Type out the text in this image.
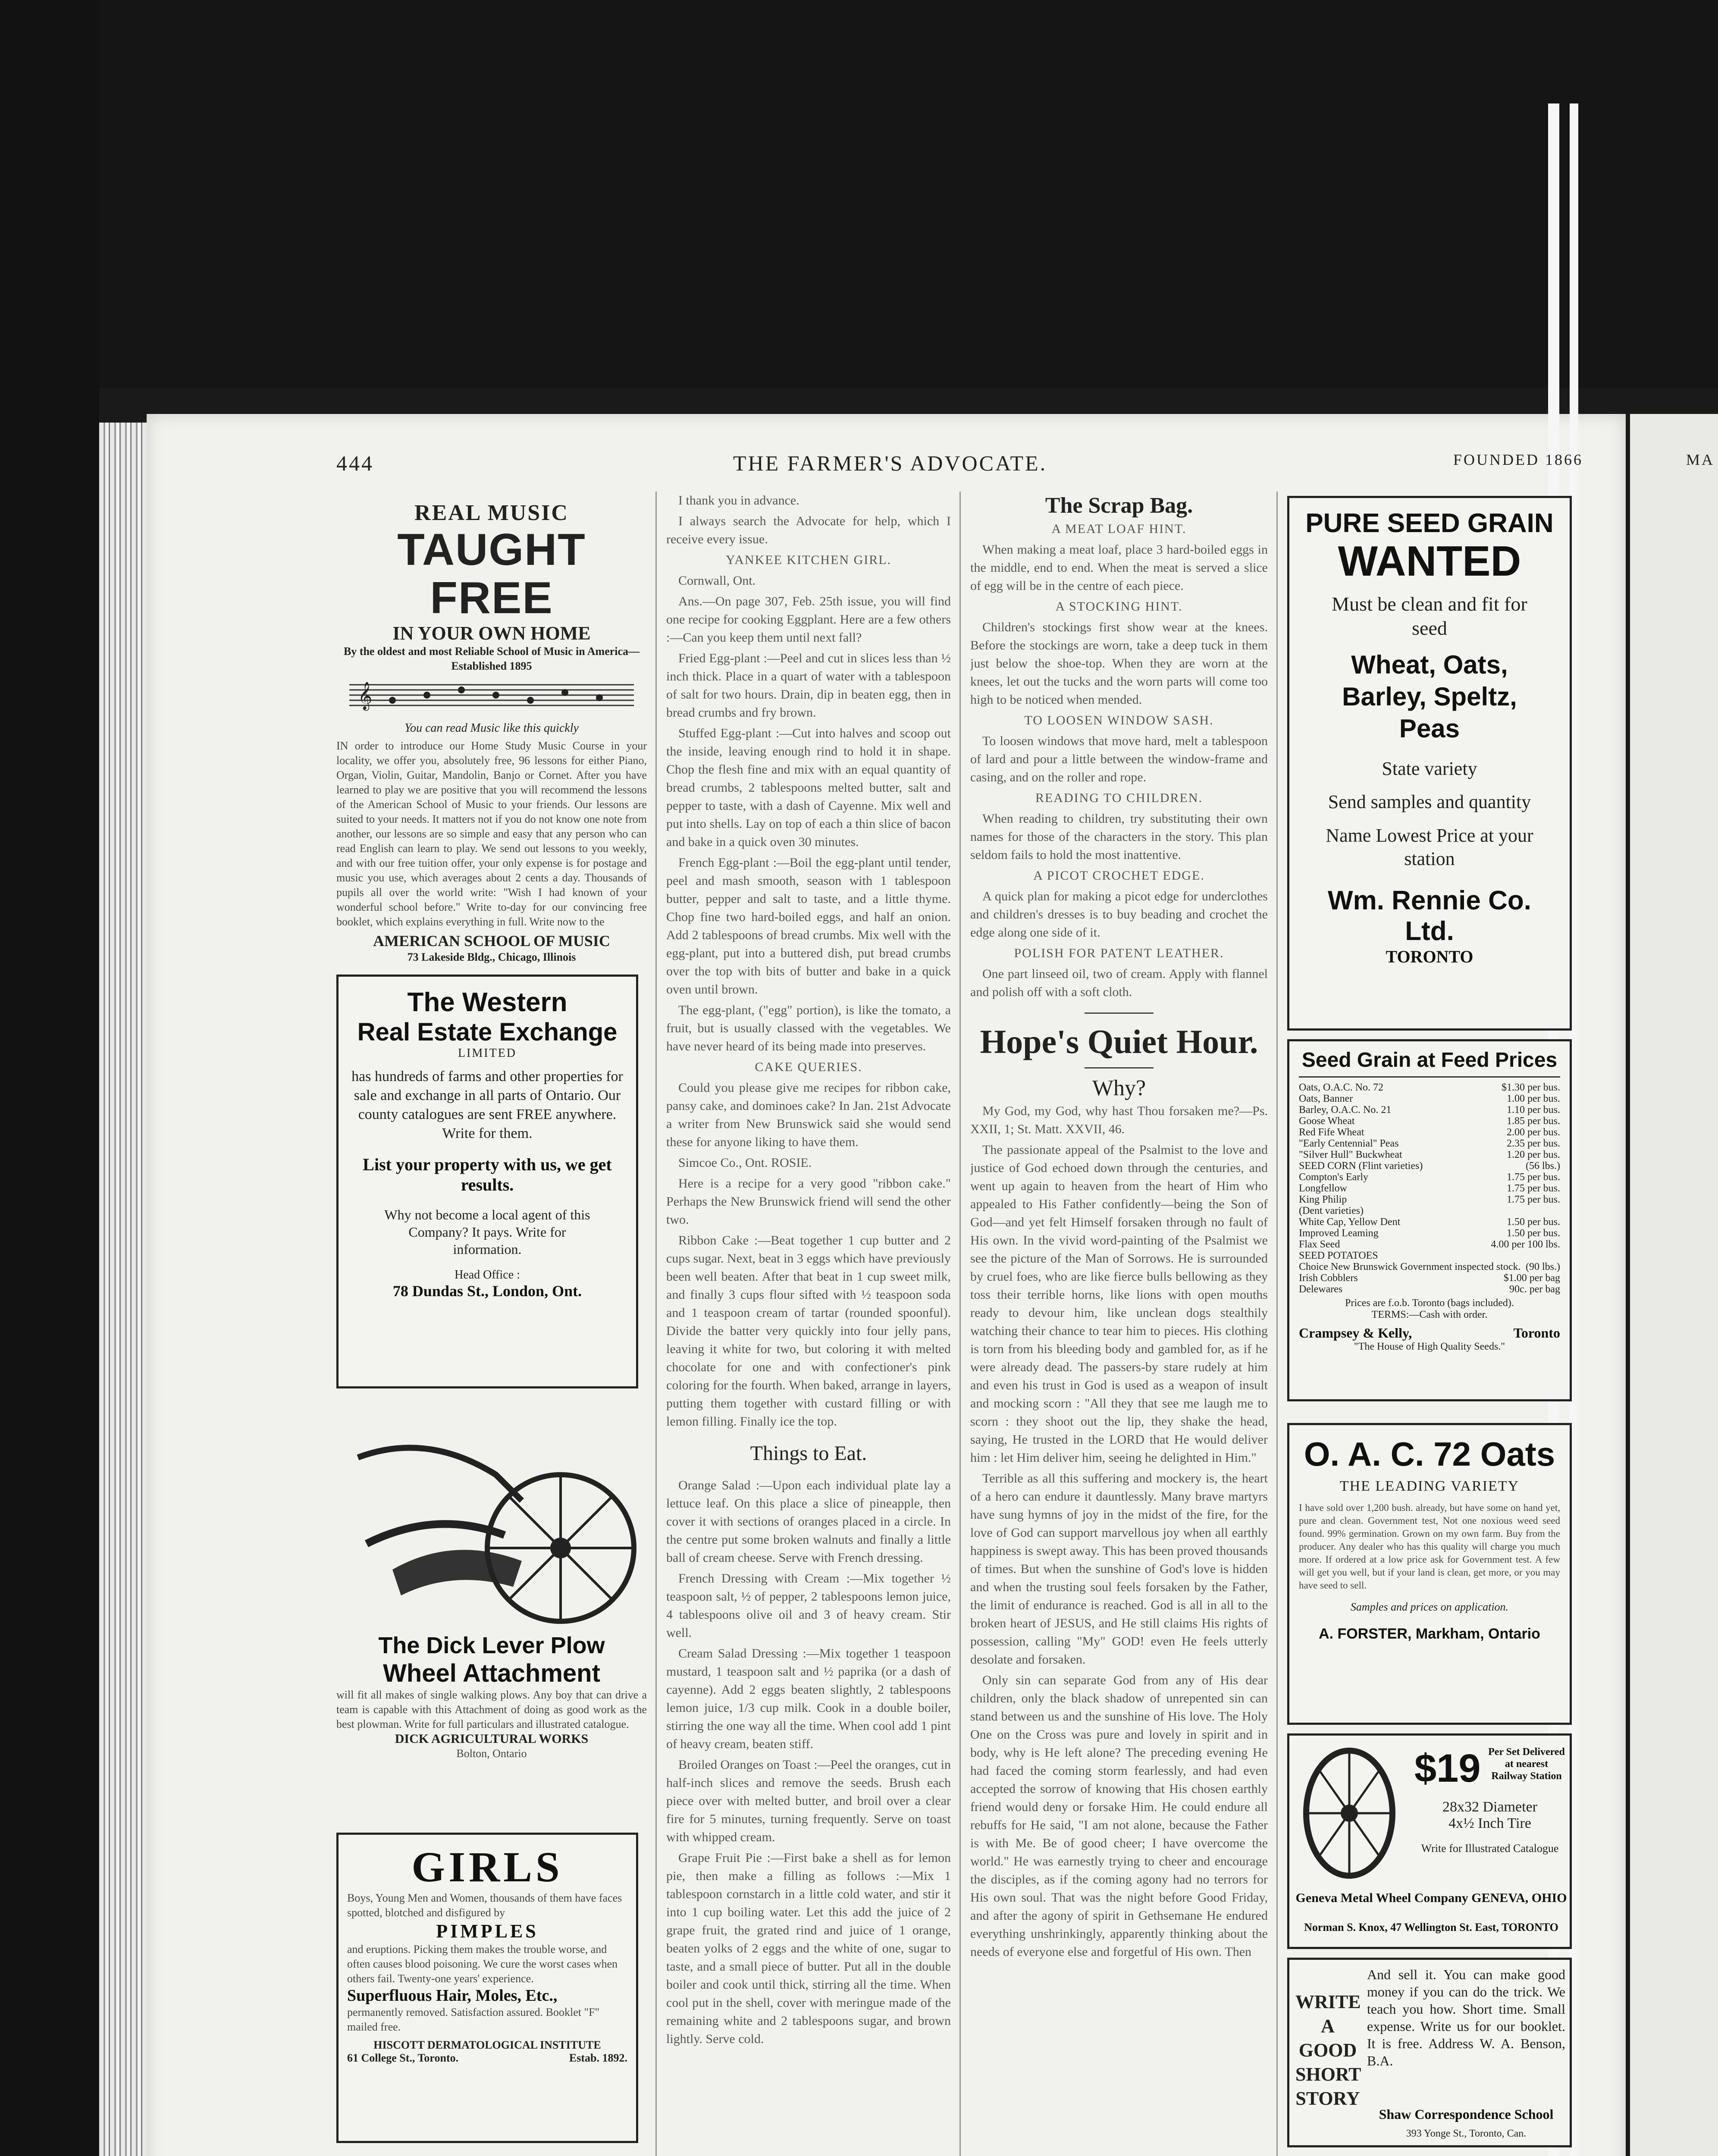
444	THE FARMER'S ADVOCATE.	FOUNDED 1866	MA
REAL MUSIC
TAUGHT FREE
IN YOUR OWN HOME
By the oldest and most Reliable School of Music in America—Established 1895
𝄞
You can read Music like this quickly
IN order to introduce our Home Study Music Course in your locality, we offer you, absolutely free, 96 lessons for either Piano, Organ, Violin, Guitar, Mandolin, Banjo or Cornet. After you have learned to play we are positive that you will recommend the lessons of the American School of Music to your friends. Our lessons are suited to your needs. It matters not if you do not know one note from another, our lessons are so simple and easy that any person who can read English can learn to play. We send out lessons to you weekly, and with our free tuition offer, your only expense is for postage and music you use, which averages about 2 cents a day. Thousands of pupils all over the world write: "Wish I had known of your wonderful school before." Write to-day for our convincing free booklet, which explains everything in full. Write now to the
AMERICAN SCHOOL OF MUSIC
73 Lakeside Bldg., Chicago, Illinois
The Western
Real Estate Exchange
LIMITED
has hundreds of farms and other properties for sale and exchange in all parts of Ontario. Our county catalogues are sent FREE anywhere. Write for them.
List your property with us, we get results.
Why not become a local agent of this Company? It pays. Write for information.
Head Office :
78 Dundas St., London, Ont.
The Dick Lever Plow
Wheel Attachment
will fit all makes of single walking plows. Any boy that can drive a team is capable with this Attachment of doing as good work as the best plowman. Write for full particulars and illustrated catalogue.
DICK AGRICULTURAL WORKS
Bolton, Ontario
GIRLS
Boys, Young Men and Women, thousands of them have faces spotted, blotched and disfigured by
PIMPLES
and eruptions. Picking them makes the trouble worse, and often causes blood poisoning. We cure the worst cases when others fail. Twenty-one years' experience.
Superfluous Hair, Moles, Etc.,
permanently removed. Satisfaction assured. Booklet "F" mailed free.
HISCOTT DERMATOLOGICAL INSTITUTE
61 College St., Toronto.	Estab. 1892.

I thank you in advance.

I always search the Advocate for help, which I receive every issue.

YANKEE KITCHEN GIRL.

Cornwall, Ont.

Ans.—On page 307, Feb. 25th issue, you will find one recipe for cooking Eggplant. Here are a few others :—Can you keep them until next fall?

Fried Egg-plant :—Peel and cut in slices less than ½ inch thick. Place in a quart of water with a tablespoon of salt for two hours. Drain, dip in beaten egg, then in bread crumbs and fry brown.

Stuffed Egg-plant :—Cut into halves and scoop out the inside, leaving enough rind to hold it in shape. Chop the flesh fine and mix with an equal quantity of bread crumbs, 2 tablespoons melted butter, salt and pepper to taste, with a dash of Cayenne. Mix well and put into shells. Lay on top of each a thin slice of bacon and bake in a quick oven 30 minutes.

French Egg-plant :—Boil the egg-plant until tender, peel and mash smooth, season with 1 tablespoon butter, pepper and salt to taste, and a little thyme. Chop fine two hard-boiled eggs, and half an onion. Add 2 tablespoons of bread crumbs. Mix well with the egg-plant, put into a buttered dish, put bread crumbs over the top with bits of butter and bake in a quick oven until brown.

The egg-plant, ("egg" portion), is like the tomato, a fruit, but is usually classed with the vegetables. We have never heard of its being made into preserves.

CAKE QUERIES.

Could you please give me recipes for ribbon cake, pansy cake, and dominoes cake? In Jan. 21st Advocate a writer from New Brunswick said she would send these for anyone liking to have them.

Simcoe Co., Ont. ROSIE.

Here is a recipe for a very good "ribbon cake." Perhaps the New Brunswick friend will send the other two.

Ribbon Cake :—Beat together 1 cup butter and 2 cups sugar. Next, beat in 3 eggs which have previously been well beaten. After that beat in 1 cup sweet milk, and finally 3 cups flour sifted with ½ teaspoon soda and 1 teaspoon cream of tartar (rounded spoonful). Divide the batter very quickly into four jelly pans, leaving it white for two, but coloring it with melted chocolate for one and with confectioner's pink coloring for the fourth. When baked, arrange in layers, putting them together with custard filling or with lemon filling. Finally ice the top.

Things to Eat.

Orange Salad :—Upon each individual plate lay a lettuce leaf. On this place a slice of pineapple, then cover it with sections of oranges placed in a circle. In the centre put some broken walnuts and finally a little ball of cream cheese. Serve with French dressing.

French Dressing with Cream :—Mix together ½ teaspoon salt, ½ of pepper, 2 tablespoons lemon juice, 4 tablespoons olive oil and 3 of heavy cream. Stir well.

Cream Salad Dressing :—Mix together 1 teaspoon mustard, 1 teaspoon salt and ½ paprika (or a dash of cayenne). Add 2 eggs beaten slightly, 2 tablespoons lemon juice, 1/3 cup milk. Cook in a double boiler, stirring the one way all the time. When cool add 1 pint of heavy cream, beaten stiff.

Broiled Oranges on Toast :—Peel the oranges, cut in half-inch slices and remove the seeds. Brush each piece over with melted butter, and broil over a clear fire for 5 minutes, turning frequently. Serve on toast with whipped cream.

Grape Fruit Pie :—First bake a shell as for lemon pie, then make a filling as follows :—Mix 1 tablespoon cornstarch in a little cold water, and stir it into 1 cup boiling water. Let this add the juice of 2 grape fruit, the grated rind and juice of 1 orange, beaten yolks of 2 eggs and the white of one, sugar to taste, and a small piece of butter. Put all in the double boiler and cook until thick, stirring all the time. When cool put in the shell, cover with meringue made of the remaining white and 2 tablespoons sugar, and brown lightly. Serve cold.

The Scrap Bag.

A MEAT LOAF HINT.

When making a meat loaf, place 3 hard-boiled eggs in the middle, end to end. When the meat is served a slice of egg will be in the centre of each piece.

A STOCKING HINT.

Children's stockings first show wear at the knees. Before the stockings are worn, take a deep tuck in them just below the shoe-top. When they are worn at the knees, let out the tucks and the worn parts will come too high to be noticed when mended.

TO LOOSEN WINDOW SASH.

To loosen windows that move hard, melt a tablespoon of lard and pour a little between the window-frame and casing, and on the roller and rope.

READING TO CHILDREN.

When reading to children, try substituting their own names for those of the characters in the story. This plan seldom fails to hold the most inattentive.

A PICOT CROCHET EDGE.

A quick plan for making a picot edge for underclothes and children's dresses is to buy beading and crochet the edge along one side of it.

POLISH FOR PATENT LEATHER.

One part linseed oil, two of cream. Apply with flannel and polish off with a soft cloth.

Hope's Quiet Hour.
Why?

My God, my God, why hast Thou forsaken me?—Ps. XXII, 1; St. Matt. XXVII, 46.

The passionate appeal of the Psalmist to the love and justice of God echoed down through the centuries, and went up again to heaven from the heart of Him who appealed to His Father confidently—being the Son of God—and yet felt Himself forsaken through no fault of His own. In the vivid word-painting of the Psalmist we see the picture of the Man of Sorrows. He is surrounded by cruel foes, who are like fierce bulls bellowing as they toss their terrible horns, like lions with open mouths ready to devour him, like unclean dogs stealthily watching their chance to tear him to pieces. His clothing is torn from his bleeding body and gambled for, as if he were already dead. The passers-by stare rudely at him and even his trust in God is used as a weapon of insult and mocking scorn : "All they that see me laugh me to scorn : they shoot out the lip, they shake the head, saying, He trusted in the LORD that He would deliver him : let Him deliver him, seeing he delighted in Him."

Terrible as all this suffering and mockery is, the heart of a hero can endure it dauntlessly. Many brave martyrs have sung hymns of joy in the midst of the fire, for the love of God can support marvellous joy when all earthly happiness is swept away. This has been proved thousands of times. But when the sunshine of God's love is hidden and when the trusting soul feels forsaken by the Father, the limit of endurance is reached. God is all in all to the broken heart of JESUS, and He still claims His rights of possession, calling "My" GOD! even He feels utterly desolate and forsaken.

Only sin can separate God from any of His dear children, only the black shadow of unrepented sin can stand between us and the sunshine of His love. The Holy One on the Cross was pure and lovely in spirit and in body, why is He left alone? The preceding evening He had faced the coming storm fearlessly, and had even accepted the sorrow of knowing that His chosen earthly friend would deny or forsake Him. He could endure all rebuffs for He said, "I am not alone, because the Father is with Me. Be of good cheer; I have overcome the world." He was earnestly trying to cheer and encourage the disciples, as if the coming agony had no terrors for His own soul. That was the night before Good Friday, and after the agony of spirit in Gethsemane He endured everything unshrinkingly, apparently thinking about the needs of everyone else and forgetful of His own. Then

PURE SEED GRAIN
WANTED
Must be clean and fit for seed
Wheat, Oats, Barley, Speltz, Peas
State variety
Send samples and quantity
Name Lowest Price at your station
Wm. Rennie Co. Ltd.
TORONTO
Seed Grain at Feed Prices
Oats, O.A.C. No. 72	$1.30 per bus.
Oats, Banner	1.00 per bus.
Barley, O.A.C. No. 21	1.10 per bus.
Goose Wheat	1.85 per bus.
Red Fife Wheat	2.00 per bus.
"Early Centennial" Peas	2.35 per bus.
"Silver Hull" Buckwheat	1.20 per bus.
SEED CORN (Flint varieties)	(56 lbs.)
Compton's Early	1.75 per bus.
Longfellow	1.75 per bus.
King Philip	1.75 per bus.
(Dent varieties)
White Cap, Yellow Dent	1.50 per bus.
Improved Leaming	1.50 per bus.
Flax Seed	4.00 per 100 lbs.
SEED POTATOES
Choice New Brunswick Government inspected stock. (90 lbs.)
Irish Cobblers	$1.00 per bag
Delewares	90c. per bag
Prices are f.o.b. Toronto (bags included).
TERMS:—Cash with order.
Crampsey & Kelly,	Toronto
"The House of High Quality Seeds."
O. A. C. 72 Oats
THE LEADING VARIETY
I have sold over 1,200 bush. already, but have some on hand yet, pure and clean. Government test, Not one noxious weed seed found. 99% germination. Grown on my own farm. Buy from the producer. Any dealer who has this quality will charge you much more. If ordered at a low price ask for Government test. A few will get you well, but if your land is clean, get more, or you may have seed to sell.
Samples and prices on application.
A. FORSTER, Markham, Ontario
$19 Per Set Delivered at nearest Railway Station
28x32 Diameter
4x½ Inch Tire
Write for Illustrated Catalogue
Geneva Metal Wheel Company GENEVA, OHIO
Norman S. Knox, 47 Wellington St. East, TORONTO
WRITE
A
GOOD
SHORT
STORY
And sell it. You can make good money if you can do the trick. We teach you how. Short time. Small expense. Write us for our booklet. It is free. Address W. A. Benson, B.A.
Shaw Correspondence School
393 Yonge St., Toronto, Can.
